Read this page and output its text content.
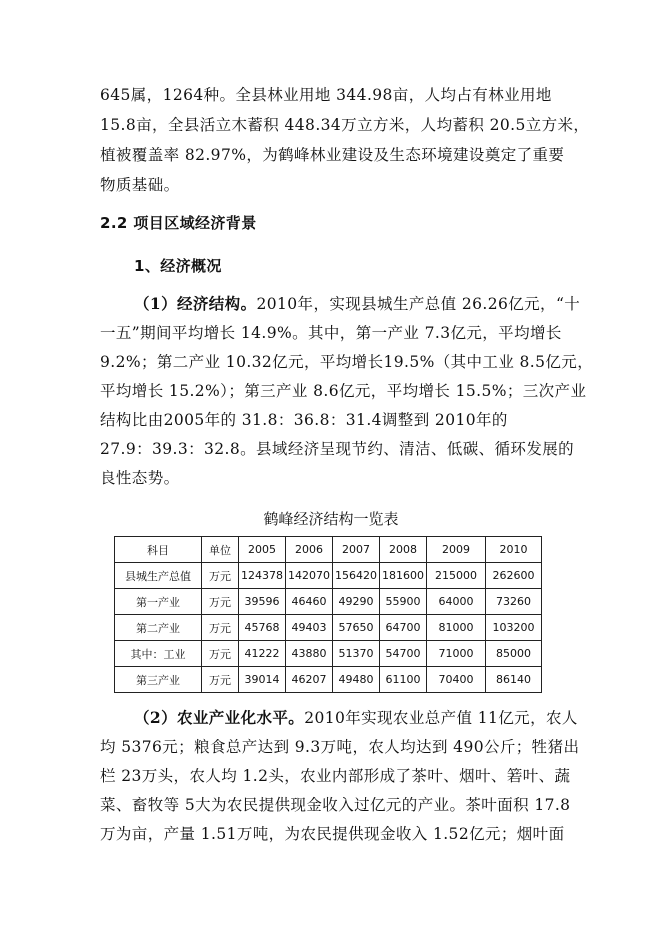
645属，1264种。全县林业用地 344.98亩，人均占有林业用地
15.8亩，全县活立木蓄积 448.34万立方米，人均蓄积 20.5立方米，
植被覆盖率 82.97%，为鹤峰林业建设及生态环境建设奠定了重要
物质基础。
2.2 项目区域经济背景
1、经济概况
（1）经济结构。2010年，实现县城生产总值 26.26亿元，“十
一五”期间平均增长 14.9%。其中，第一产业 7.3亿元，平均增长
9.2%；第二产业 10.32亿元，平均增长19.5%（其中工业 8.5亿元，
平均增长 15.2%）；第三产业 8.6亿元，平均增长 15.5%；三次产业
结构比由2005年的 31.8：36.8：31.4调整到 2010年的
27.9：39.3：32.8。县域经济呈现节约、清洁、低碳、循环发展的
良性态势。
鹤峰经济结构一览表
科目	单位	2005	2006	2007	2008	2009	2010
县城生产总值	万元	124378	142070	156420	181600	215000	262600
第一产业	万元	39596	46460	49290	55900	64000	73260
第二产业	万元	45768	49403	57650	64700	81000	103200
其中：工业	万元	41222	43880	51370	54700	71000	85000
第三产业	万元	39014	46207	49480	61100	70400	86140
（2）农业产业化水平。2010年实现农业总产值 11亿元，农人
均 5376元；粮食总产达到 9.3万吨，农人均达到 490公斤；牲猪出
栏 23万头，农人均 1.2头，农业内部形成了茶叶、烟叶、箬叶、蔬
菜、畜牧等 5大为农民提供现金收入过亿元的产业。茶叶面积 17.8
万为亩，产量 1.51万吨，为农民提供现金收入 1.52亿元；烟叶面
